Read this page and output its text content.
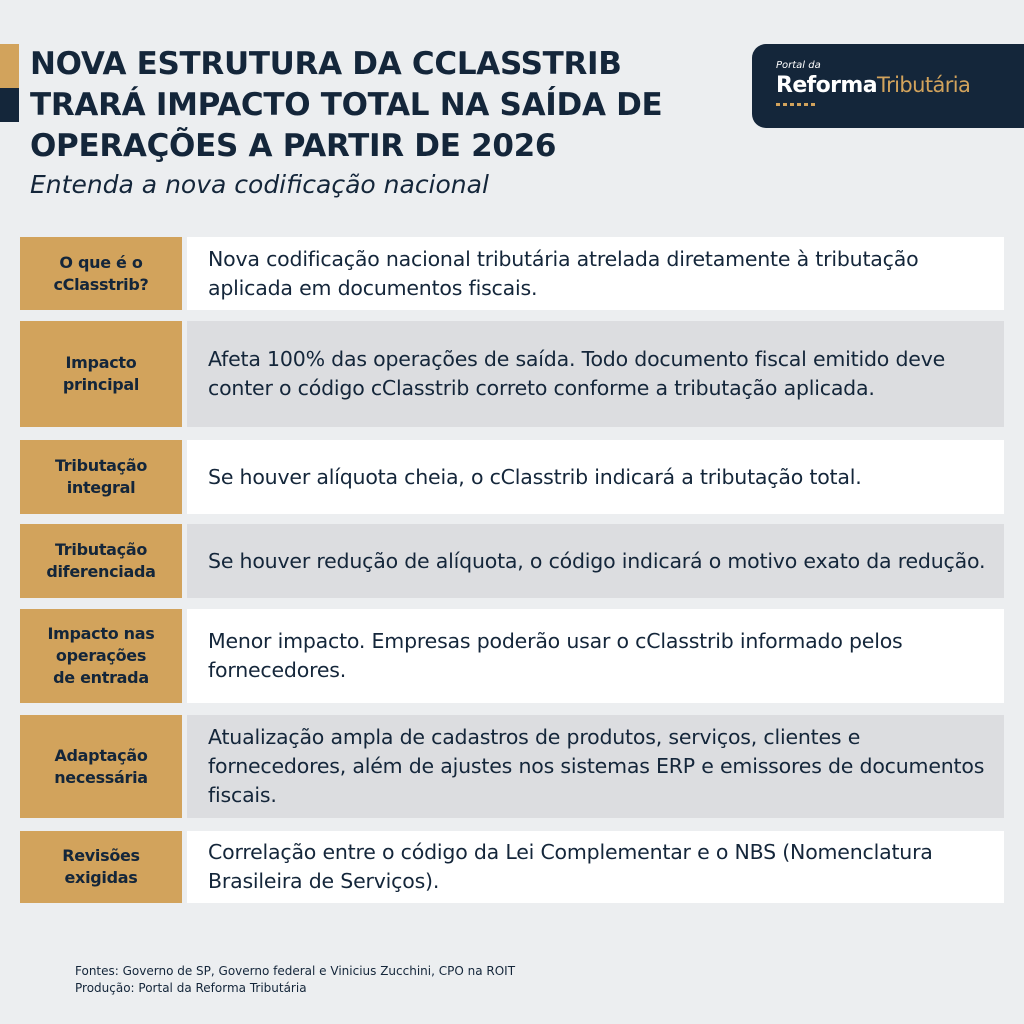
NOVA ESTRUTURA DA CCLASSTRIB
TRARÁ IMPACTO TOTAL NA SAÍDA DE
OPERAÇÕES A PARTIR DE 2026
Entenda a nova codificação nacional
Portal da
ReformaTributária
O que é o
cClasstrib?
Nova codificação nacional tributária atrelada diretamente à tributação aplicada em documentos fiscais.
Impacto
principal
Afeta 100% das operações de saída. Todo documento fiscal emitido deve conter o código cClasstrib correto conforme a tributação aplicada.
Tributação
integral	Se houver alíquota cheia, o cClasstrib indicará a tributação total.
Tributação
diferenciada	Se houver redução de alíquota, o código indicará o motivo exato da redução.
Impacto nas
operações
de entrada
Menor impacto. Empresas poderão usar o cClasstrib informado pelos fornecedores.
Adaptação
necessária
Atualização ampla de cadastros de produtos, serviços, clientes e fornecedores, além de ajustes nos sistemas ERP e emissores de documentos fiscais.
Revisões
exigidas
Correlação entre o código da Lei Complementar e o NBS (Nomenclatura Brasileira de Serviços).
Fontes: Governo de SP, Governo federal e Vinicius Zucchini, CPO na ROIT
Produção: Portal da Reforma Tributária
